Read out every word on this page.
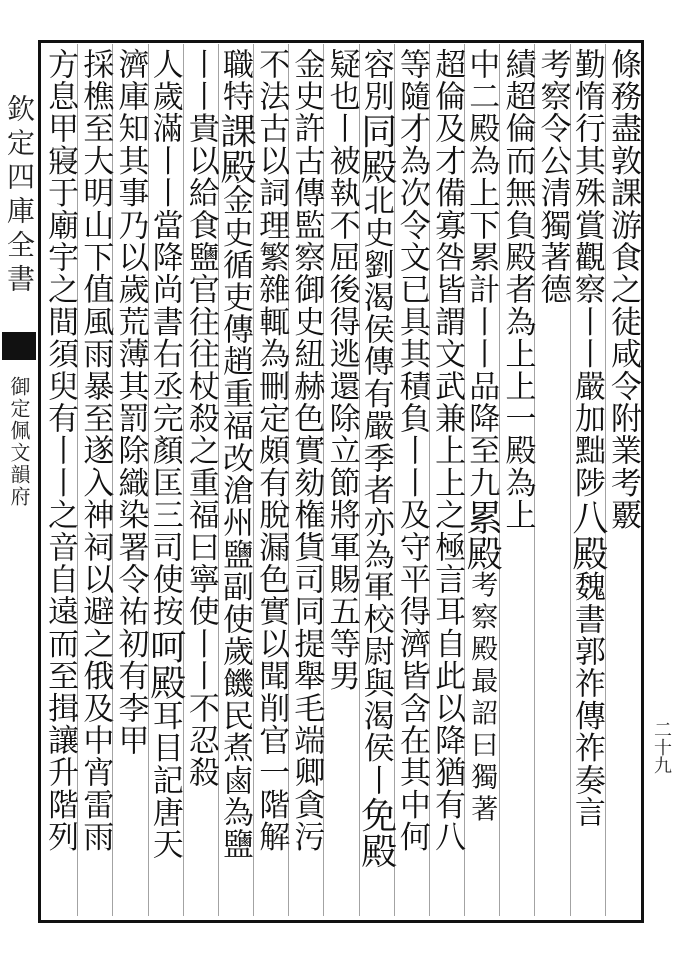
欽定四庫全書
御定佩文韻府
二十九
條務盡敦課游食之徒咸令附業考覈
勤惰行其殊賞觀察丨丨嚴加黜陟八殿魏書郭祚傳祚奏言
考察令公清獨著德
績超倫而無負殿者為上上一殿為上
中二殿為上下累計丨丨品降至九累殿考察殿最詔曰獨著
超倫及才備寡咎皆謂文武兼上上之極言耳自此以降猶有八
等隨才為次令文已具其積負丨丨及守平得濟皆含在其中何
容別同殿北史劉渴侯傳有嚴季者亦為軍校尉與渴侯丨免殿
疑也丨被執不屈後得逃還除立節將軍賜五等男
金史許古傳監察御史紐赫色實劾権貨司同提舉毛端卿貪污
不法古以詞理繁雜輒為刪定頗有脫漏色實以聞削官一階解
職特課殿金史循吏傳趙重福改滄州鹽副使歲饑民煮鹵為鹽
丨丨貴以給食鹽官往往杖殺之重福曰寧使丨丨不忍殺
人歲滿丨丨當降尚書右丞完顏匡三司使按呵殿耳目記唐天
濟庫知其事乃以歲荒薄其罰除織染署令祐初有李甲
採樵至大明山下值風雨暴至遂入神祠以避之俄及中宵雷雨
方息甲寢于廟宇之間須臾有丨丨之音自遠而至揖讓升階列
